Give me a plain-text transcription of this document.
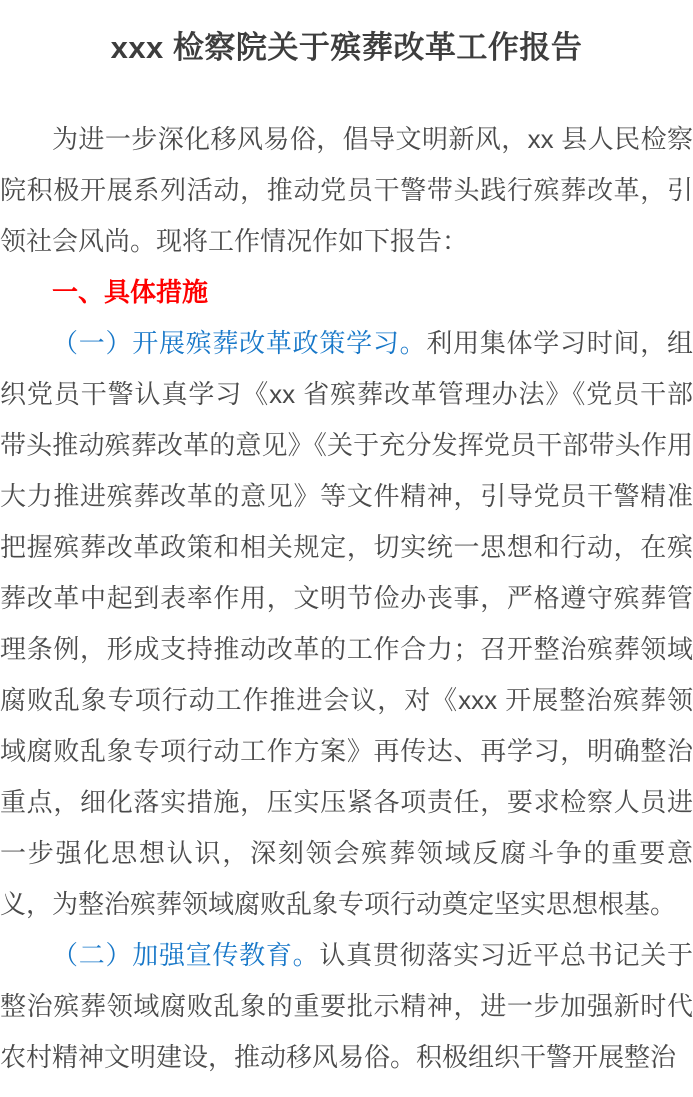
xxx 检察院关于殡葬改革工作报告

为进一步深化移风易俗，倡导文明新风，xx 县人民检察院积极开展系列活动，推动党员干警带头践行殡葬改革，引领社会风尚。现将工作情况作如下报告：

一、具体措施

（一）开展殡葬改革政策学习。利用集体学习时间，组织党员干警认真学习《xx 省殡葬改革管理办法》《党员干部带头推动殡葬改革的意见》《关于充分发挥党员干部带头作用大力推进殡葬改革的意见》等文件精神，引导党员干警精准把握殡葬改革政策和相关规定，切实统一思想和行动，在殡葬改革中起到表率作用，文明节俭办丧事，严格遵守殡葬管理条例，形成支持推动改革的工作合力；召开整治殡葬领域腐败乱象专项行动工作推进会议，对《xxx 开展整治殡葬领域腐败乱象专项行动工作方案》再传达、再学习，明确整治重点，细化落实措施，压实压紧各项责任，要求检察人员进一步强化思想认识，深刻领会殡葬领域反腐斗争的重要意义，为整治殡葬领域腐败乱象专项行动奠定坚实思想根基。

（二）加强宣传教育。认真贯彻落实习近平总书记关于整治殡葬领域腐败乱象的重要批示精神，进一步加强新时代农村精神文明建设，推动移风易俗。积极组织干警开展整治
